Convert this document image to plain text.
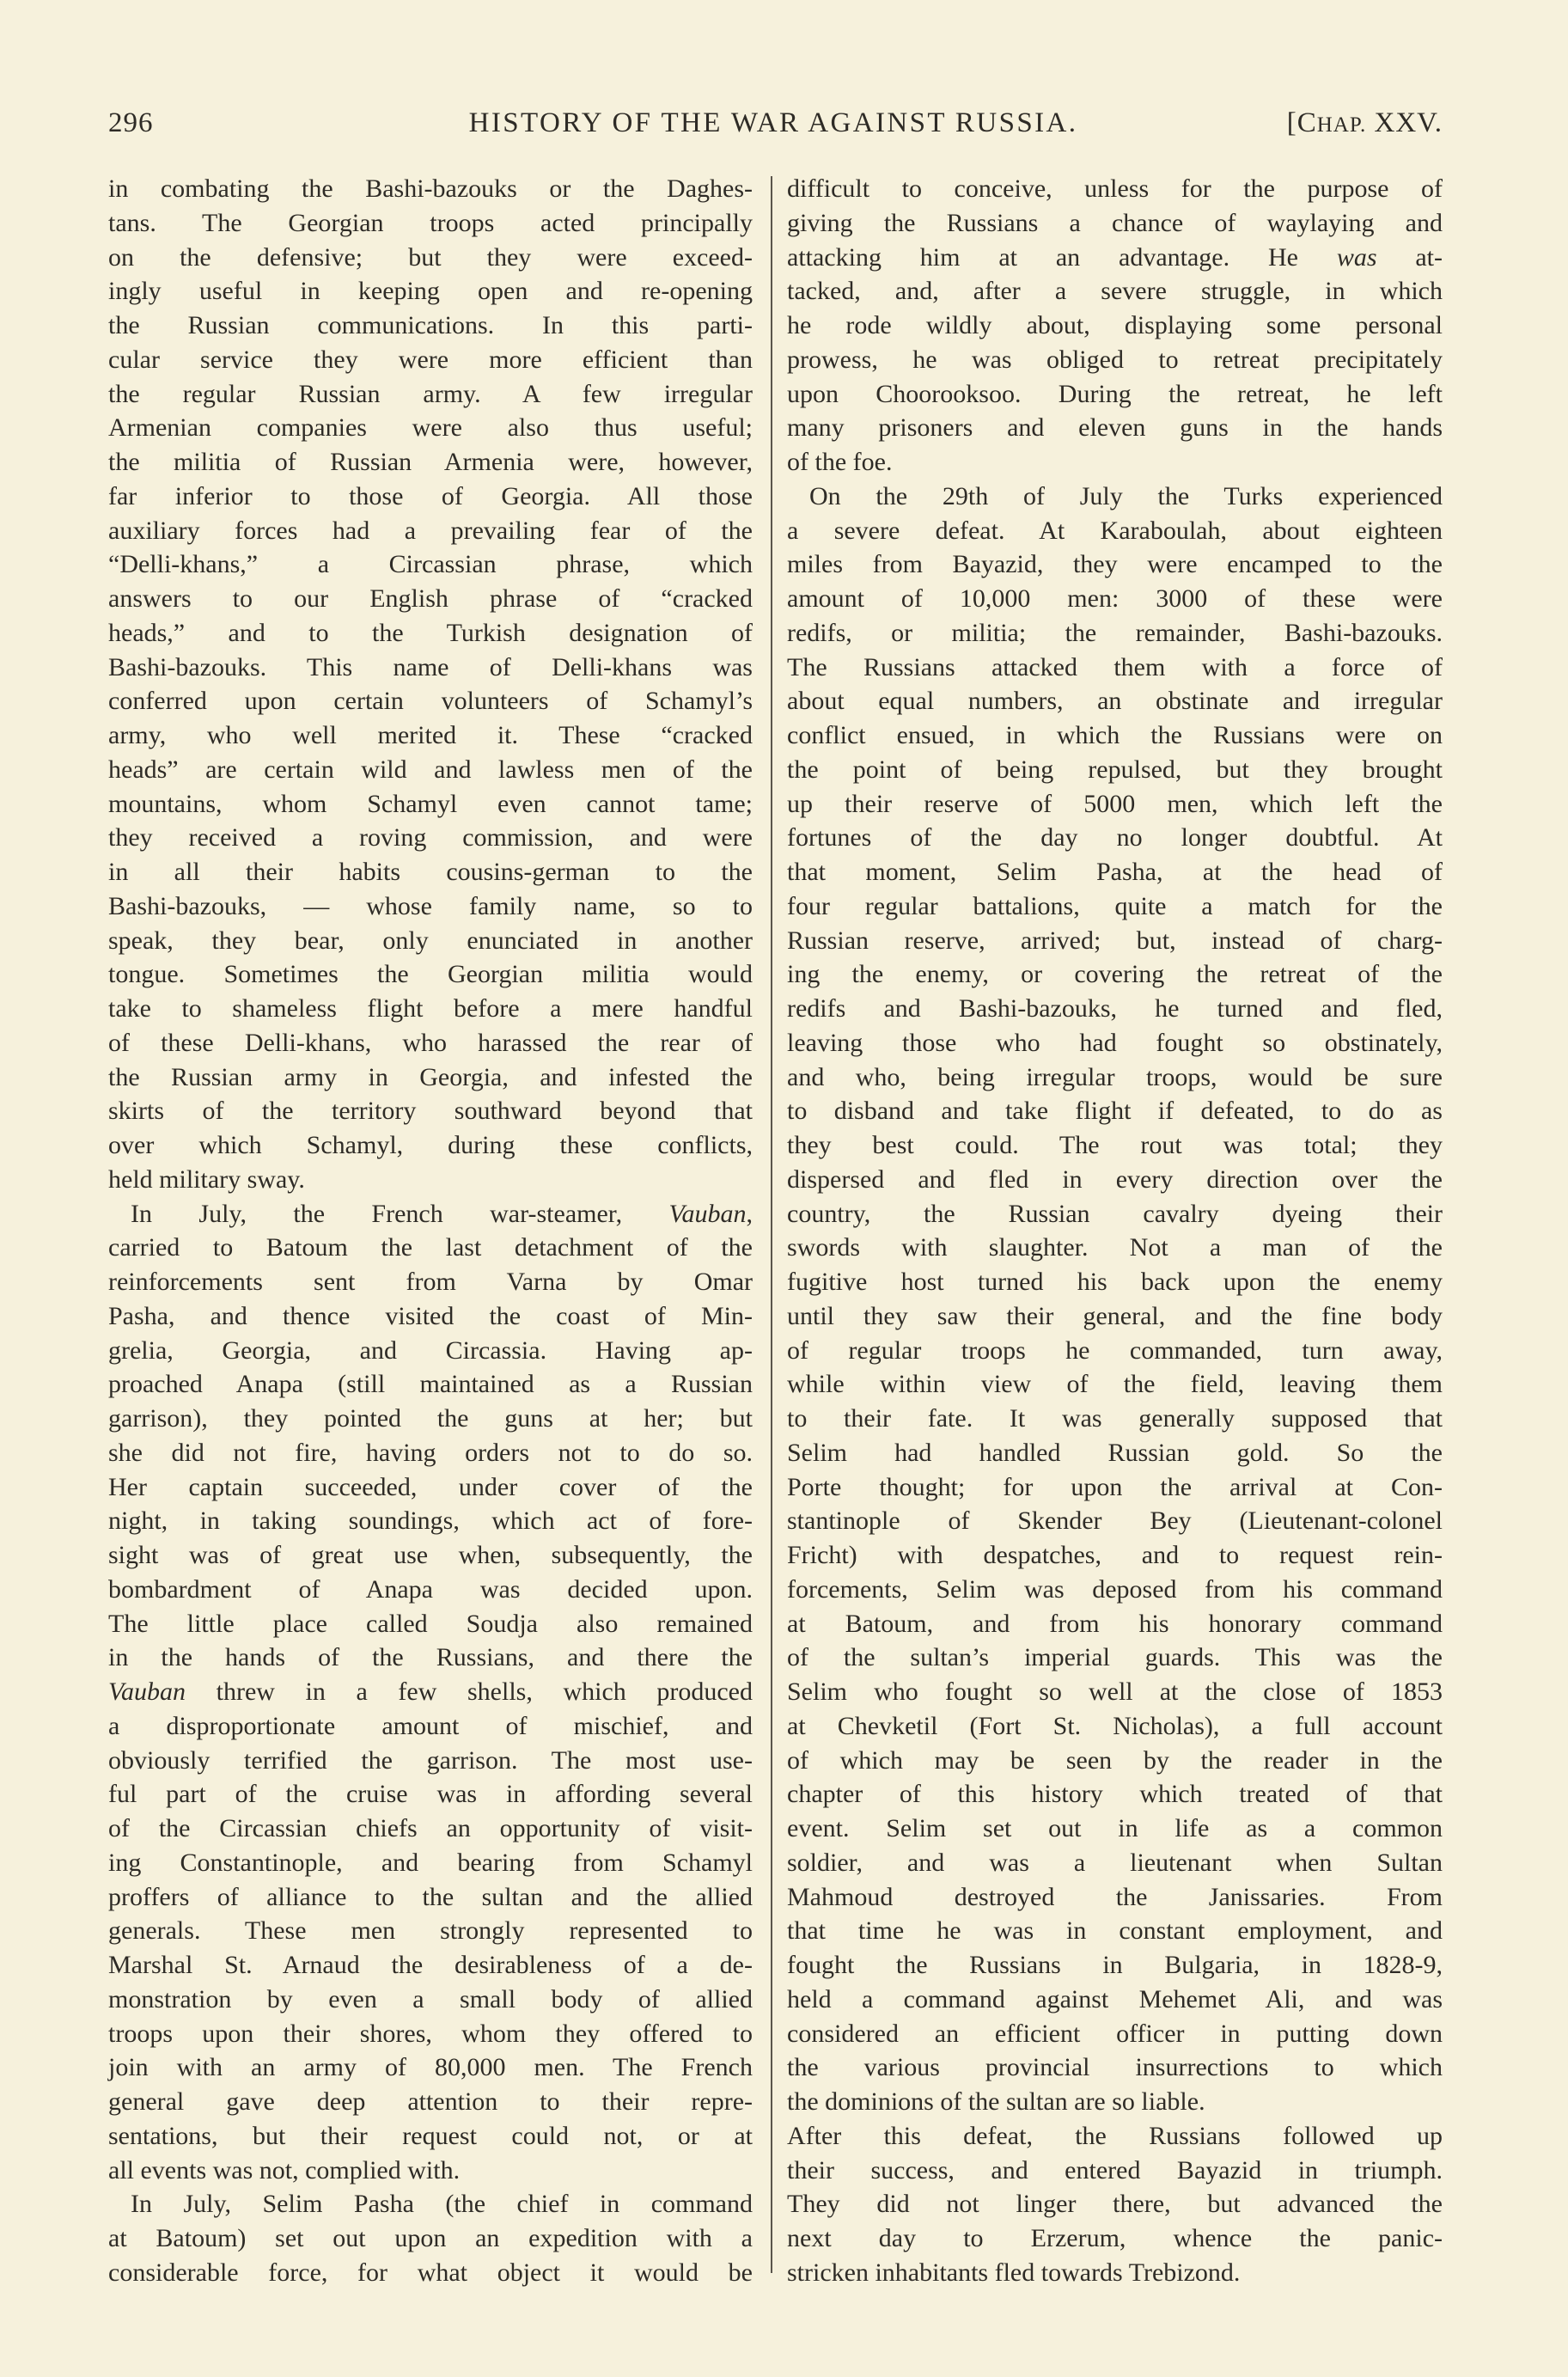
296	HISTORY OF THE WAR AGAINST RUSSIA.	[CHAP. XXV.
in combating the Bashi-bazouks or the Daghes-
tans. The Georgian troops acted principally
on the defensive; but they were exceed-
ingly useful in keeping open and re-opening
the Russian communications. In this parti-
cular service they were more efficient than
the regular Russian army. A few irregular
Armenian companies were also thus useful;
the militia of Russian Armenia were, however,
far inferior to those of Georgia. All those
auxiliary forces had a prevailing fear of the
“Delli-khans,” a Circassian phrase, which
answers to our English phrase of “cracked
heads,” and to the Turkish designation of
Bashi-bazouks. This name of Delli-khans was
conferred upon certain volunteers of Schamyl’s
army, who well merited it. These “cracked
heads” are certain wild and lawless men of the
mountains, whom Schamyl even cannot tame;
they received a roving commission, and were
in all their habits cousins-german to the
Bashi-bazouks, — whose family name, so to
speak, they bear, only enunciated in another
tongue. Sometimes the Georgian militia would
take to shameless flight before a mere handful
of these Delli-khans, who harassed the rear of
the Russian army in Georgia, and infested the
skirts of the territory southward beyond that
over which Schamyl, during these conflicts,
held military sway.
In July, the French war-steamer, Vauban,
carried to Batoum the last detachment of the
reinforcements sent from Varna by Omar
Pasha, and thence visited the coast of Min-
grelia, Georgia, and Circassia. Having ap-
proached Anapa (still maintained as a Russian
garrison), they pointed the guns at her; but
she did not fire, having orders not to do so.
Her captain succeeded, under cover of the
night, in taking soundings, which act of fore-
sight was of great use when, subsequently, the
bombardment of Anapa was decided upon.
The little place called Soudja also remained
in the hands of the Russians, and there the
Vauban threw in a few shells, which produced
a disproportionate amount of mischief, and
obviously terrified the garrison. The most use-
ful part of the cruise was in affording several
of the Circassian chiefs an opportunity of visit-
ing Constantinople, and bearing from Schamyl
proffers of alliance to the sultan and the allied
generals. These men strongly represented to
Marshal St. Arnaud the desirableness of a de-
monstration by even a small body of allied
troops upon their shores, whom they offered to
join with an army of 80,000 men. The French
general gave deep attention to their repre-
sentations, but their request could not, or at
all events was not, complied with.
In July, Selim Pasha (the chief in command
at Batoum) set out upon an expedition with a
considerable force, for what object it would be
difficult to conceive, unless for the purpose of
giving the Russians a chance of waylaying and
attacking him at an advantage. He was at-
tacked, and, after a severe struggle, in which
he rode wildly about, displaying some personal
prowess, he was obliged to retreat precipitately
upon Choorooksoo. During the retreat, he left
many prisoners and eleven guns in the hands
of the foe.
On the 29th of July the Turks experienced
a severe defeat. At Karaboulah, about eighteen
miles from Bayazid, they were encamped to the
amount of 10,000 men: 3000 of these were
redifs, or militia; the remainder, Bashi-bazouks.
The Russians attacked them with a force of
about equal numbers, an obstinate and irregular
conflict ensued, in which the Russians were on
the point of being repulsed, but they brought
up their reserve of 5000 men, which left the
fortunes of the day no longer doubtful. At
that moment, Selim Pasha, at the head of
four regular battalions, quite a match for the
Russian reserve, arrived; but, instead of charg-
ing the enemy, or covering the retreat of the
redifs and Bashi-bazouks, he turned and fled,
leaving those who had fought so obstinately,
and who, being irregular troops, would be sure
to disband and take flight if defeated, to do as
they best could. The rout was total; they
dispersed and fled in every direction over the
country, the Russian cavalry dyeing their
swords with slaughter. Not a man of the
fugitive host turned his back upon the enemy
until they saw their general, and the fine body
of regular troops he commanded, turn away,
while within view of the field, leaving them
to their fate. It was generally supposed that
Selim had handled Russian gold. So the
Porte thought; for upon the arrival at Con-
stantinople of Skender Bey (Lieutenant-colonel
Fricht) with despatches, and to request rein-
forcements, Selim was deposed from his command
at Batoum, and from his honorary command
of the sultan’s imperial guards. This was the
Selim who fought so well at the close of 1853
at Chevketil (Fort St. Nicholas), a full account
of which may be seen by the reader in the
chapter of this history which treated of that
event. Selim set out in life as a common
soldier, and was a lieutenant when Sultan
Mahmoud destroyed the Janissaries. From
that time he was in constant employment, and
fought the Russians in Bulgaria, in 1828-9,
held a command against Mehemet Ali, and was
considered an efficient officer in putting down
the various provincial insurrections to which
the dominions of the sultan are so liable.
After this defeat, the Russians followed up
their success, and entered Bayazid in triumph.
They did not linger there, but advanced the
next day to Erzerum, whence the panic-
stricken inhabitants fled towards Trebizond.
